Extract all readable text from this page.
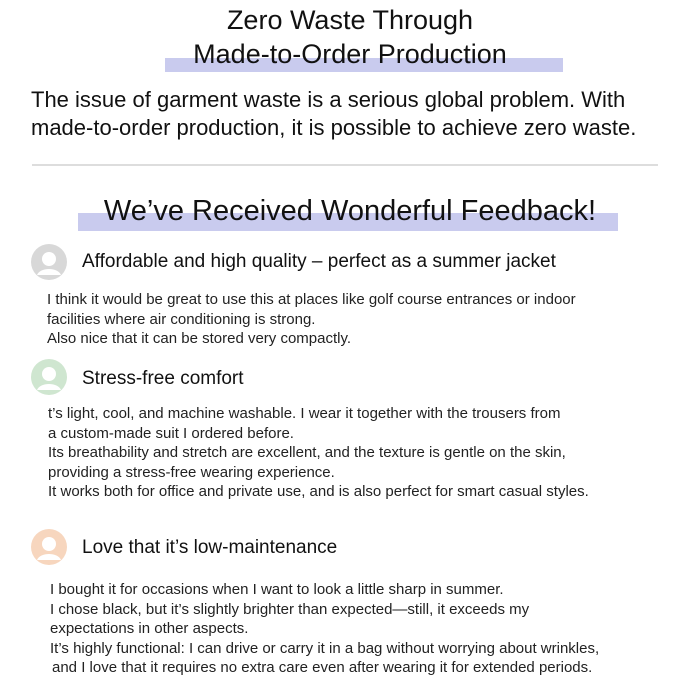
Zero Waste Through
Made-to-Order Production

The issue of garment waste is a serious global problem. With made-to-order production, it is possible to achieve zero waste.

We’ve Received Wonderful Feedback!
Affordable and high quality – perfect as a summer jacket

I think it would be great to use this at places like golf course entrances or indoor
facilities where air conditioning is strong.
Also nice that it can be stored very compactly.

Stress-free comfort

t’s light, cool, and machine washable. I wear it together with the trousers from
a custom-made suit I ordered before.
Its breathability and stretch are excellent, and the texture is gentle on the skin,
providing a stress-free wearing experience.
It works both for office and private use, and is also perfect for smart casual styles.

Love that it’s low-maintenance

I bought it for occasions when I want to look a little sharp in summer.
I chose black, but it’s slightly brighter than expected—still, it exceeds my
expectations in other aspects.
It’s highly functional: I can drive or carry it in a bag without worrying about wrinkles,
and I love that it requires no extra care even after wearing it for extended periods.
